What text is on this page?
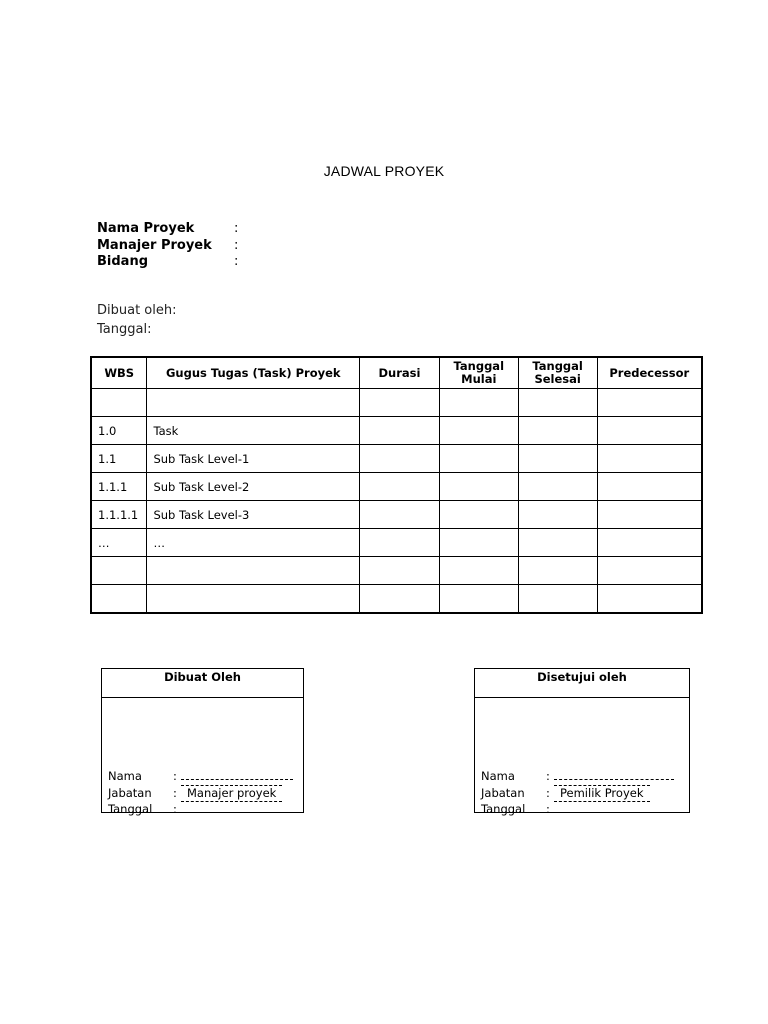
JADWAL PROYEK
Nama Proyek	:
Manajer Proyek	:
Bidang	:
Dibuat oleh:
Tanggal:
WBS	Gugus Tugas (Task) Proyek	Durasi	Tanggal Mulai	Tanggal Selesai	Predecessor

1.0	Task				
1.1	Sub Task Level-1				
1.1.1	Sub Task Level-2				
1.1.1.1	Sub Task Level-3				
…	…				

Dibuat Oleh
Nama	:
Jabatan	: Manajer proyek
Tanggal	:
Disetujui oleh
Nama	:
Jabatan	: Pemilik Proyek
Tanggal	:
